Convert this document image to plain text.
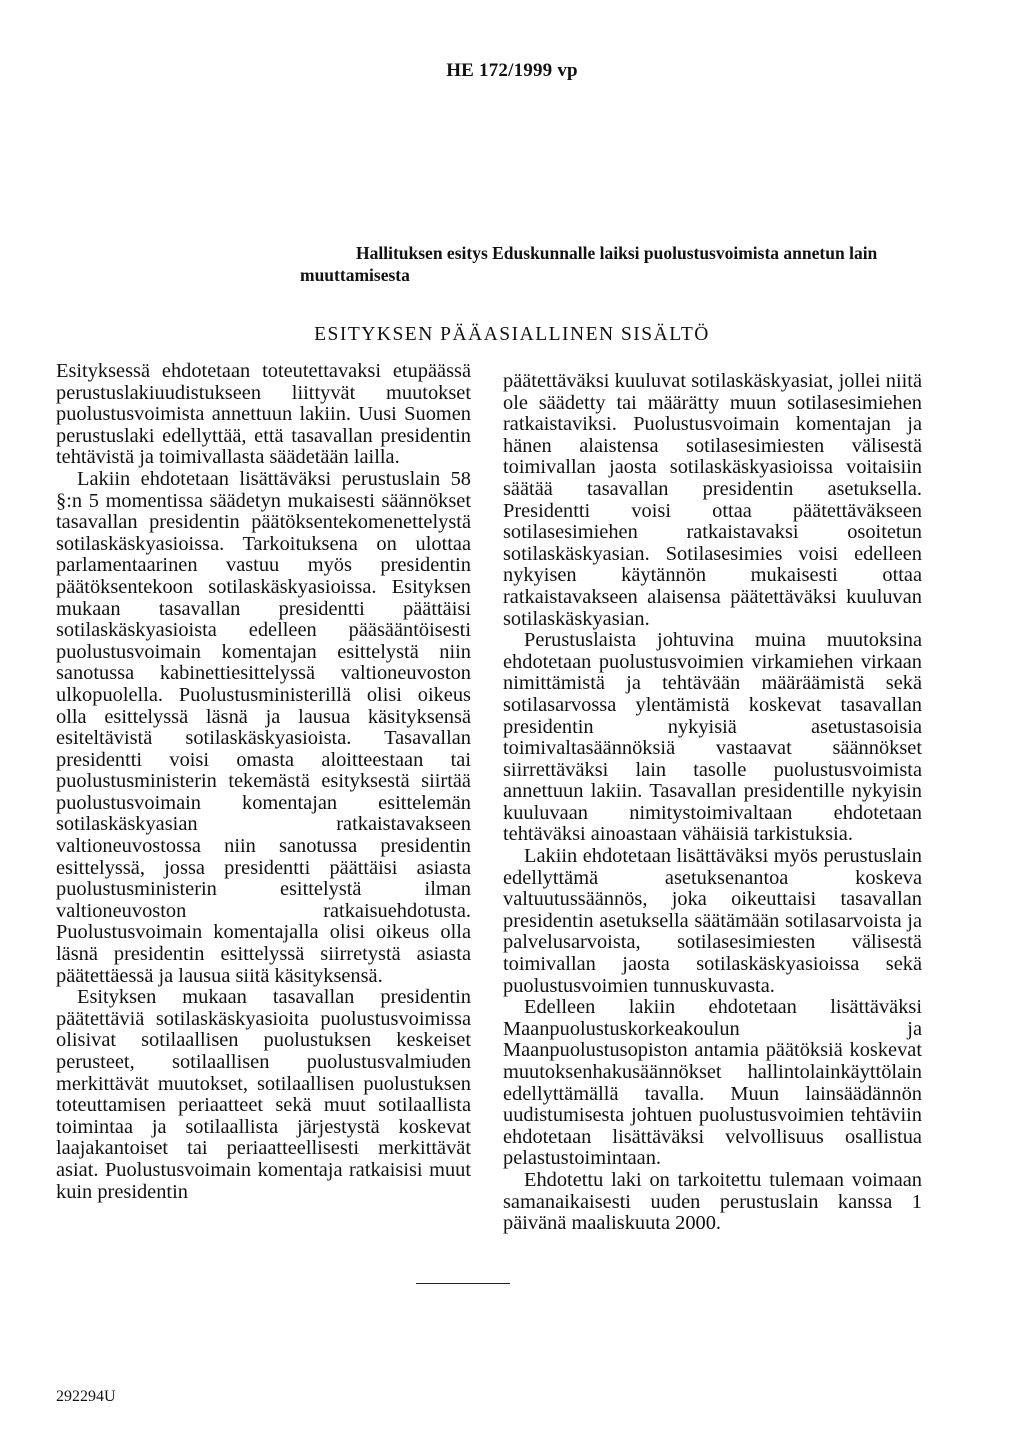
HE 172/1999 vp
Hallituksen esitys Eduskunnalle laiksi puolustusvoimista annetun lain muuttamisesta
ESITYKSEN PÄÄASIALLINEN SISÄLTÖ

Esityksessä ehdotetaan toteutettavaksi etupäässä perustuslakiuudistukseen liittyvät muutokset puolustusvoimista annettuun lakiin. Uusi Suomen perustuslaki edellyttää, että tasavallan presidentin tehtävistä ja toimivallasta säädetään lailla.

Lakiin ehdotetaan lisättäväksi perustuslain 58 §:n 5 momentissa säädetyn mukaisesti säännökset tasavallan presidentin päätöksentekomenettelystä sotilaskäskyasioissa. Tarkoituksena on ulottaa parlamentaarinen vastuu myös presidentin päätöksentekoon sotilaskäskyasioissa. Esityksen mukaan tasavallan presidentti päättäisi sotilaskäskyasioista edelleen pääsääntöisesti puolustusvoimain komentajan esittelystä niin sanotussa kabinettiesittelyssä valtioneuvoston ulkopuolella. Puolustusministerillä olisi oikeus olla esittelyssä läsnä ja lausua käsityksensä esiteltävistä sotilaskäskyasioista. Tasavallan presidentti voisi omasta aloitteestaan tai puolustusministerin tekemästä esityksestä siirtää puolustusvoimain komentajan esittelemän sotilaskäskyasian ratkaistavakseen valtioneuvostossa niin sanotussa presidentin esittelyssä, jossa presidentti päättäisi asiasta puolustusministerin esittelystä ilman valtioneuvoston ratkaisuehdotusta. Puolustusvoimain komentajalla olisi oikeus olla läsnä presidentin esittelyssä siirretystä asiasta päätettäessä ja lausua siitä käsityksensä.

Esityksen mukaan tasavallan presidentin päätettäviä sotilaskäskyasioita puolustusvoimissa olisivat sotilaallisen puolustuksen keskeiset perusteet, sotilaallisen puolustusvalmiuden merkittävät muutokset, sotilaallisen puolustuksen toteuttamisen periaatteet sekä muut sotilaallista toimintaa ja sotilaallista järjestystä koskevat laajakantoiset tai periaatteellisesti merkittävät asiat. Puolustusvoimain komentaja ratkaisisi muut kuin presidentin

päätettäväksi kuuluvat sotilaskäskyasiat, jollei niitä ole säädetty tai määrätty muun sotilasesimiehen ratkaistaviksi. Puolustusvoimain komentajan ja hänen alaistensa sotilasesimiesten välisestä toimivallan jaosta sotilaskäskyasioissa voitaisiin säätää tasavallan presidentin asetuksella. Presidentti voisi ottaa päätettäväkseen sotilasesimiehen ratkaistavaksi osoitetun sotilaskäskyasian. Sotilasesimies voisi edelleen nykyisen käytännön mukaisesti ottaa ratkaistavakseen alaisensa päätettäväksi kuuluvan sotilaskäskyasian.

Perustuslaista johtuvina muina muutoksina ehdotetaan puolustusvoimien virkamiehen virkaan nimittämistä ja tehtävään määräämistä sekä sotilasarvossa ylentämistä koskevat tasavallan presidentin nykyisiä asetustasoisia toimivaltasäännöksiä vastaavat säännökset siirrettäväksi lain tasolle puolustusvoimista annettuun lakiin. Tasavallan presidentille nykyisin kuuluvaan nimitystoimivaltaan ehdotetaan tehtäväksi ainoastaan vähäisiä tarkistuksia.

Lakiin ehdotetaan lisättäväksi myös perustuslain edellyttämä asetuksenantoa koskeva valtuutussäännös, joka oikeuttaisi tasavallan presidentin asetuksella säätämään sotilasarvoista ja palvelusarvoista, sotilasesimiesten välisestä toimivallan jaosta sotilaskäskyasioissa sekä puolustusvoimien tunnuskuvasta.

Edelleen lakiin ehdotetaan lisättäväksi Maanpuolustuskorkeakoulun ja Maanpuolustusopiston antamia päätöksiä koskevat muutoksenhakusäännökset hallintolainkäyttölain edellyttämällä tavalla. Muun lainsäädännön uudistumisesta johtuen puolustusvoimien tehtäviin ehdotetaan lisättäväksi velvollisuus osallistua pelastustoimintaan.

Ehdotettu laki on tarkoitettu tulemaan voimaan samanaikaisesti uuden perustuslain kanssa 1 päivänä maaliskuuta 2000.

292294U
